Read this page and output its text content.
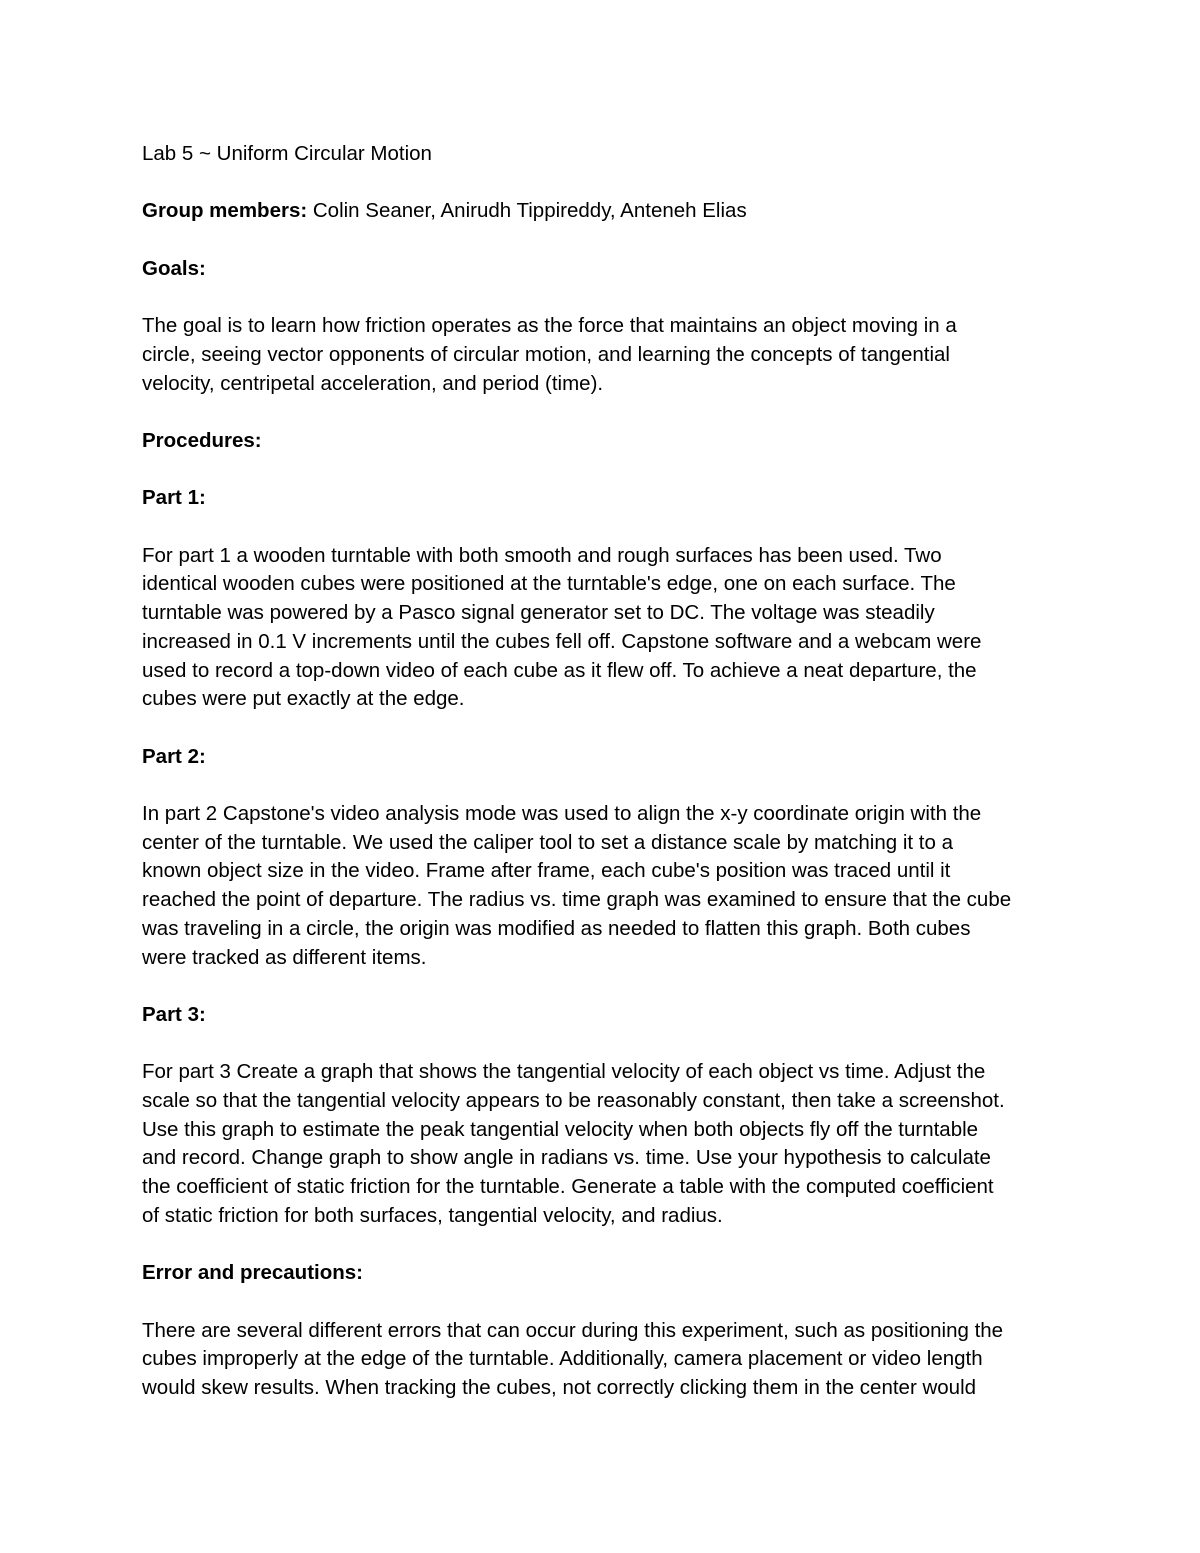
Lab 5 ~ Uniform Circular Motion

Group members: Colin Seaner, Anirudh Tippireddy, Anteneh Elias

Goals:

The goal is to learn how friction operates as the force that maintains an object moving in a
circle, seeing vector opponents of circular motion, and learning the concepts of tangential
velocity, centripetal acceleration, and period (time).

Procedures:

Part 1:

For part 1 a wooden turntable with both smooth and rough surfaces has been used. Two
identical wooden cubes were positioned at the turntable's edge, one on each surface. The
turntable was powered by a Pasco signal generator set to DC. The voltage was steadily
increased in 0.1 V increments until the cubes fell off. Capstone software and a webcam were
used to record a top-down video of each cube as it flew off. To achieve a neat departure, the
cubes were put exactly at the edge.

Part 2:

In part 2 Capstone's video analysis mode was used to align the x-y coordinate origin with the
center of the turntable. We used the caliper tool to set a distance scale by matching it to a
known object size in the video. Frame after frame, each cube's position was traced until it
reached the point of departure. The radius vs. time graph was examined to ensure that the cube
was traveling in a circle, the origin was modified as needed to flatten this graph. Both cubes
were tracked as different items.

Part 3:

For part 3 Create a graph that shows the tangential velocity of each object vs time. Adjust the
scale so that the tangential velocity appears to be reasonably constant, then take a screenshot.
Use this graph to estimate the peak tangential velocity when both objects fly off the turntable
and record. Change graph to show angle in radians vs. time. Use your hypothesis to calculate
the coefficient of static friction for the turntable. Generate a table with the computed coefficient
of static friction for both surfaces, tangential velocity, and radius.

Error and precautions:

There are several different errors that can occur during this experiment, such as positioning the
cubes improperly at the edge of the turntable. Additionally, camera placement or video length
would skew results. When tracking the cubes, not correctly clicking them in the center would
